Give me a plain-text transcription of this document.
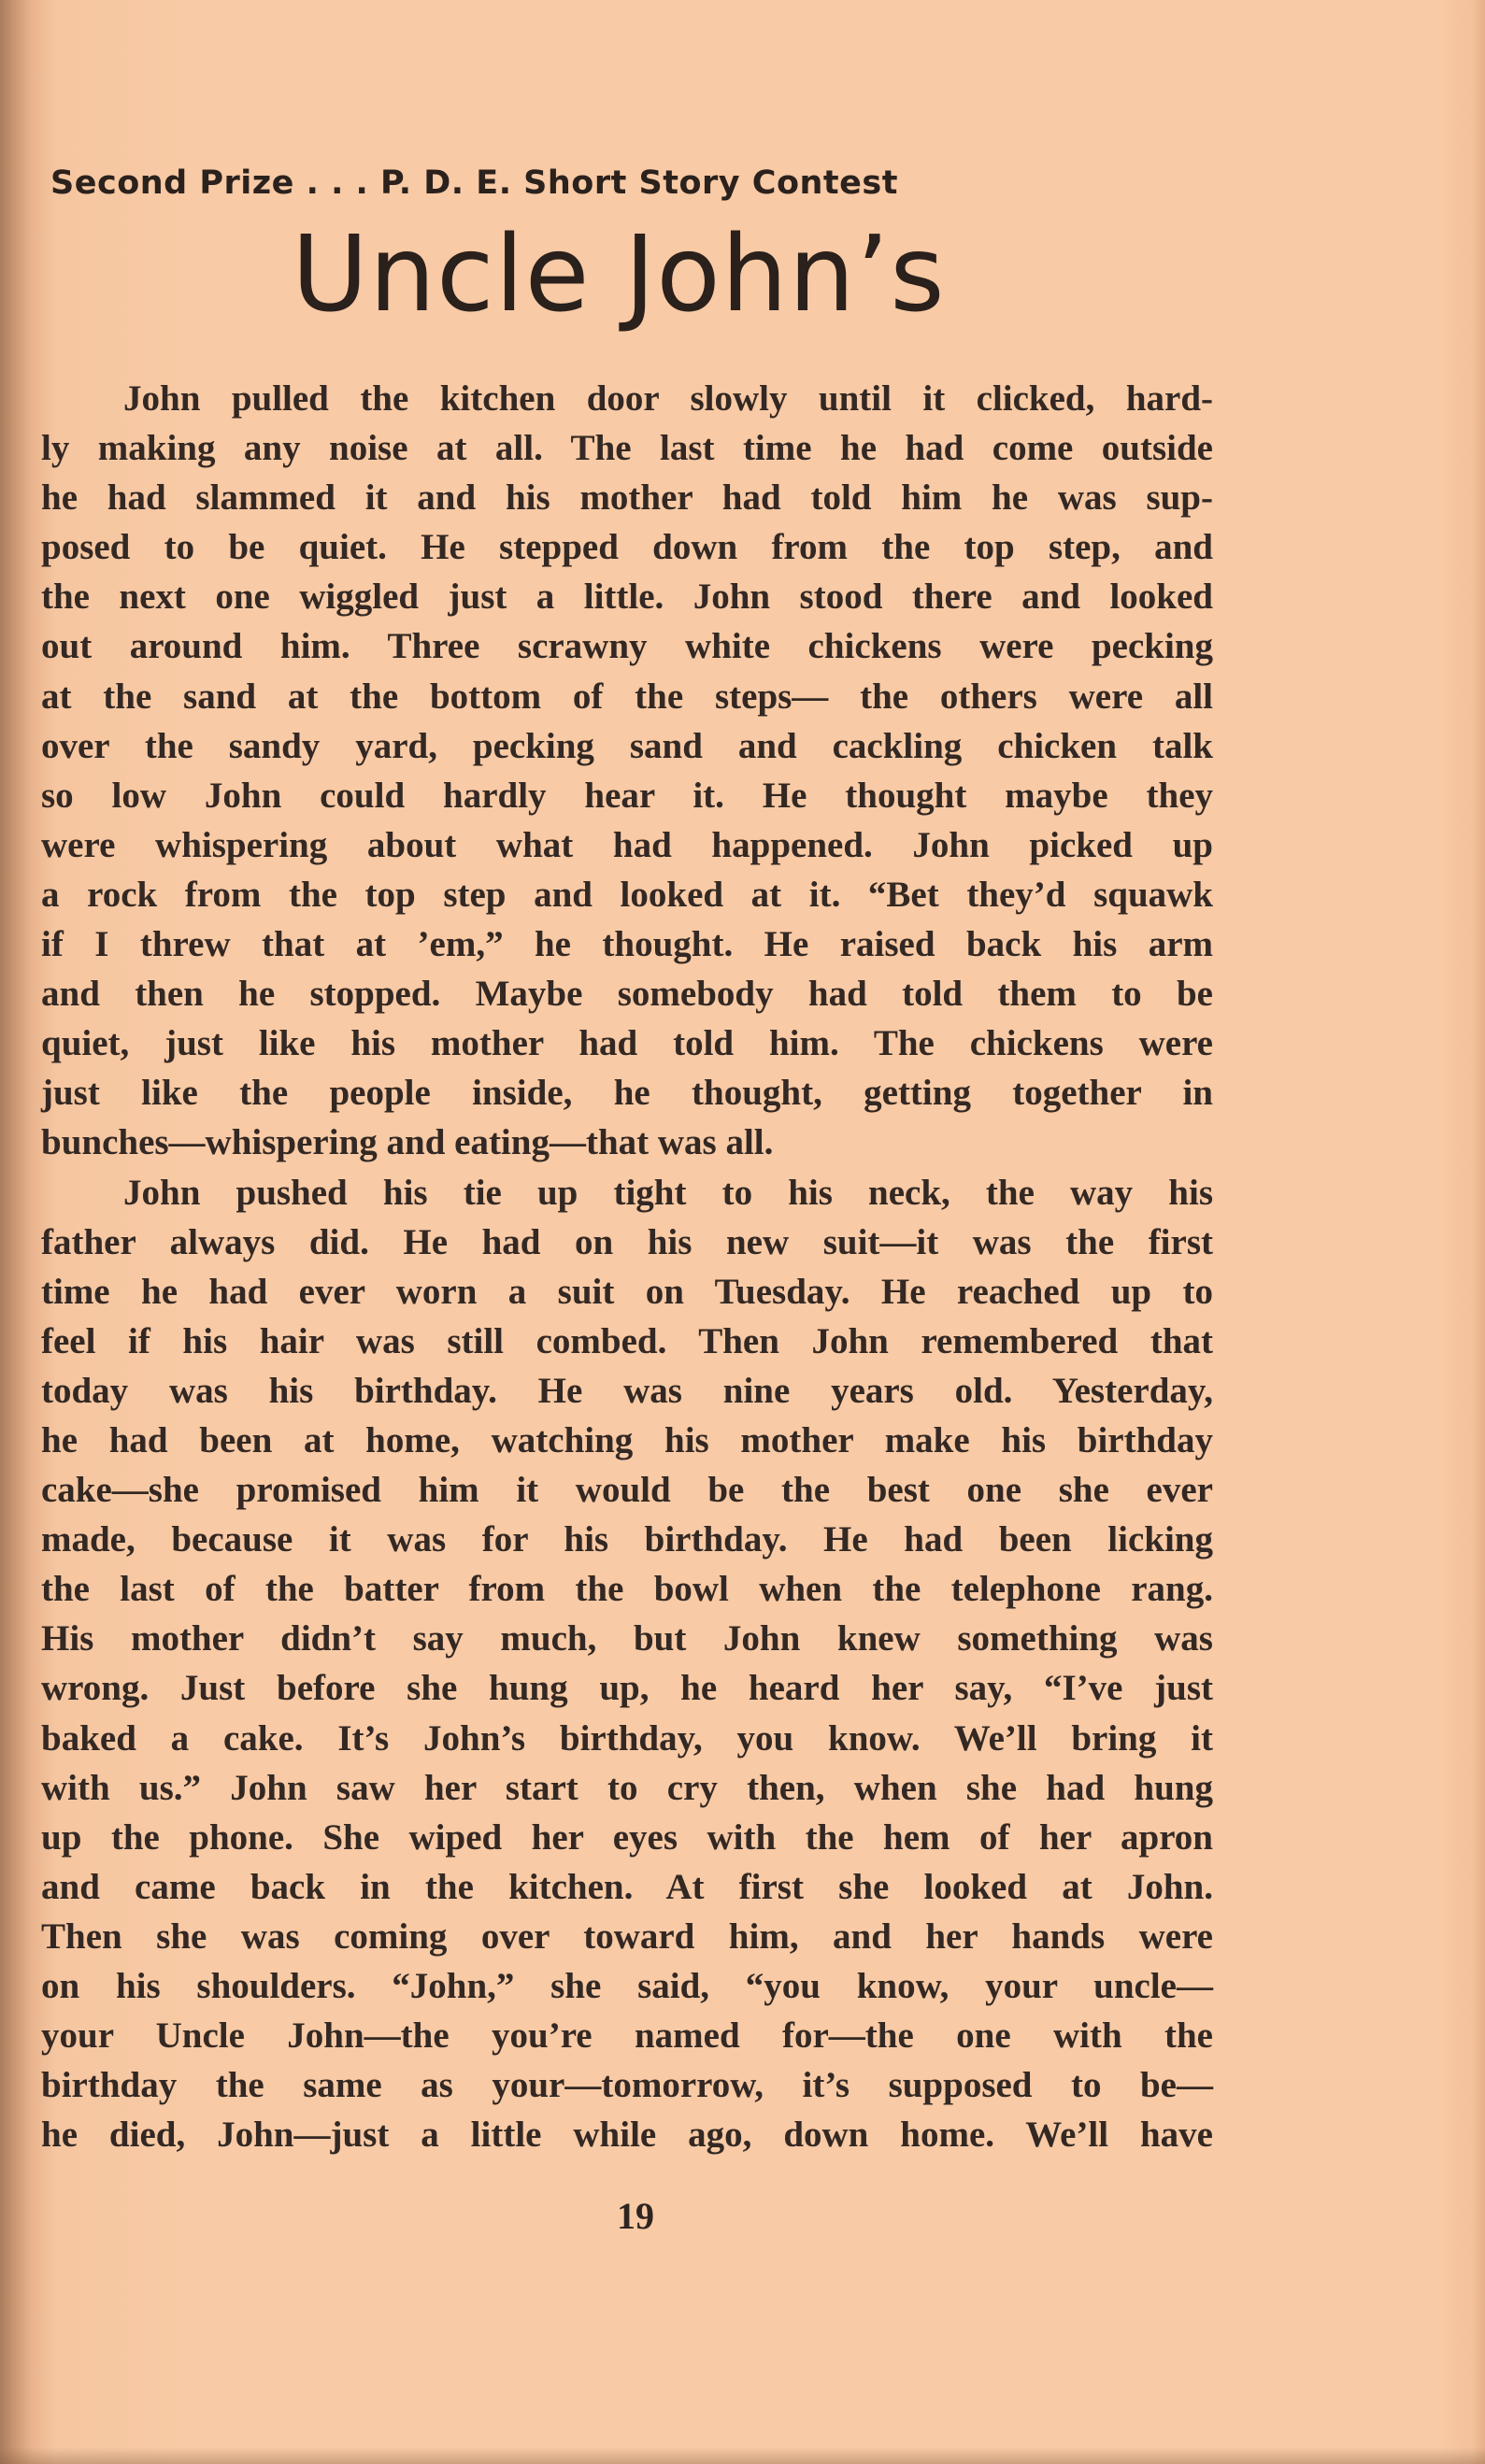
Second Prize . . . P. D. E. Short Story Contest
Uncle John’s
John pulled the kitchen door slowly until it clicked, hard-
ly making any noise at all. The last time he had come outside
he had slammed it and his mother had told him he was sup-
posed to be quiet. He stepped down from the top step, and
the next one wiggled just a little. John stood there and looked
out around him. Three scrawny white chickens were pecking
at the sand at the bottom of the steps— the others were all
over the sandy yard, pecking sand and cackling chicken talk
so low John could hardly hear it. He thought maybe they
were whispering about what had happened. John picked up
a rock from the top step and looked at it. “Bet they’d squawk
if I threw that at ’em,” he thought. He raised back his arm
and then he stopped. Maybe somebody had told them to be
quiet, just like his mother had told him. The chickens were
just like the people inside, he thought, getting together in
bunches—whispering and eating—that was all.
John pushed his tie up tight to his neck, the way his
father always did. He had on his new suit—it was the first
time he had ever worn a suit on Tuesday. He reached up to
feel if his hair was still combed. Then John remembered that
today was his birthday. He was nine years old. Yesterday,
he had been at home, watching his mother make his birthday
cake—she promised him it would be the best one she ever
made, because it was for his birthday. He had been licking
the last of the batter from the bowl when the telephone rang.
His mother didn’t say much, but John knew something was
wrong. Just before she hung up, he heard her say, “I’ve just
baked a cake. It’s John’s birthday, you know. We’ll bring it
with us.” John saw her start to cry then, when she had hung
up the phone. She wiped her eyes with the hem of her apron
and came back in the kitchen. At first she looked at John.
Then she was coming over toward him, and her hands were
on his shoulders. “John,” she said, “you know, your uncle—
your Uncle John—the you’re named for—the one with the
birthday the same as your—tomorrow, it’s supposed to be—
he died, John—just a little while ago, down home. We’ll have
19
